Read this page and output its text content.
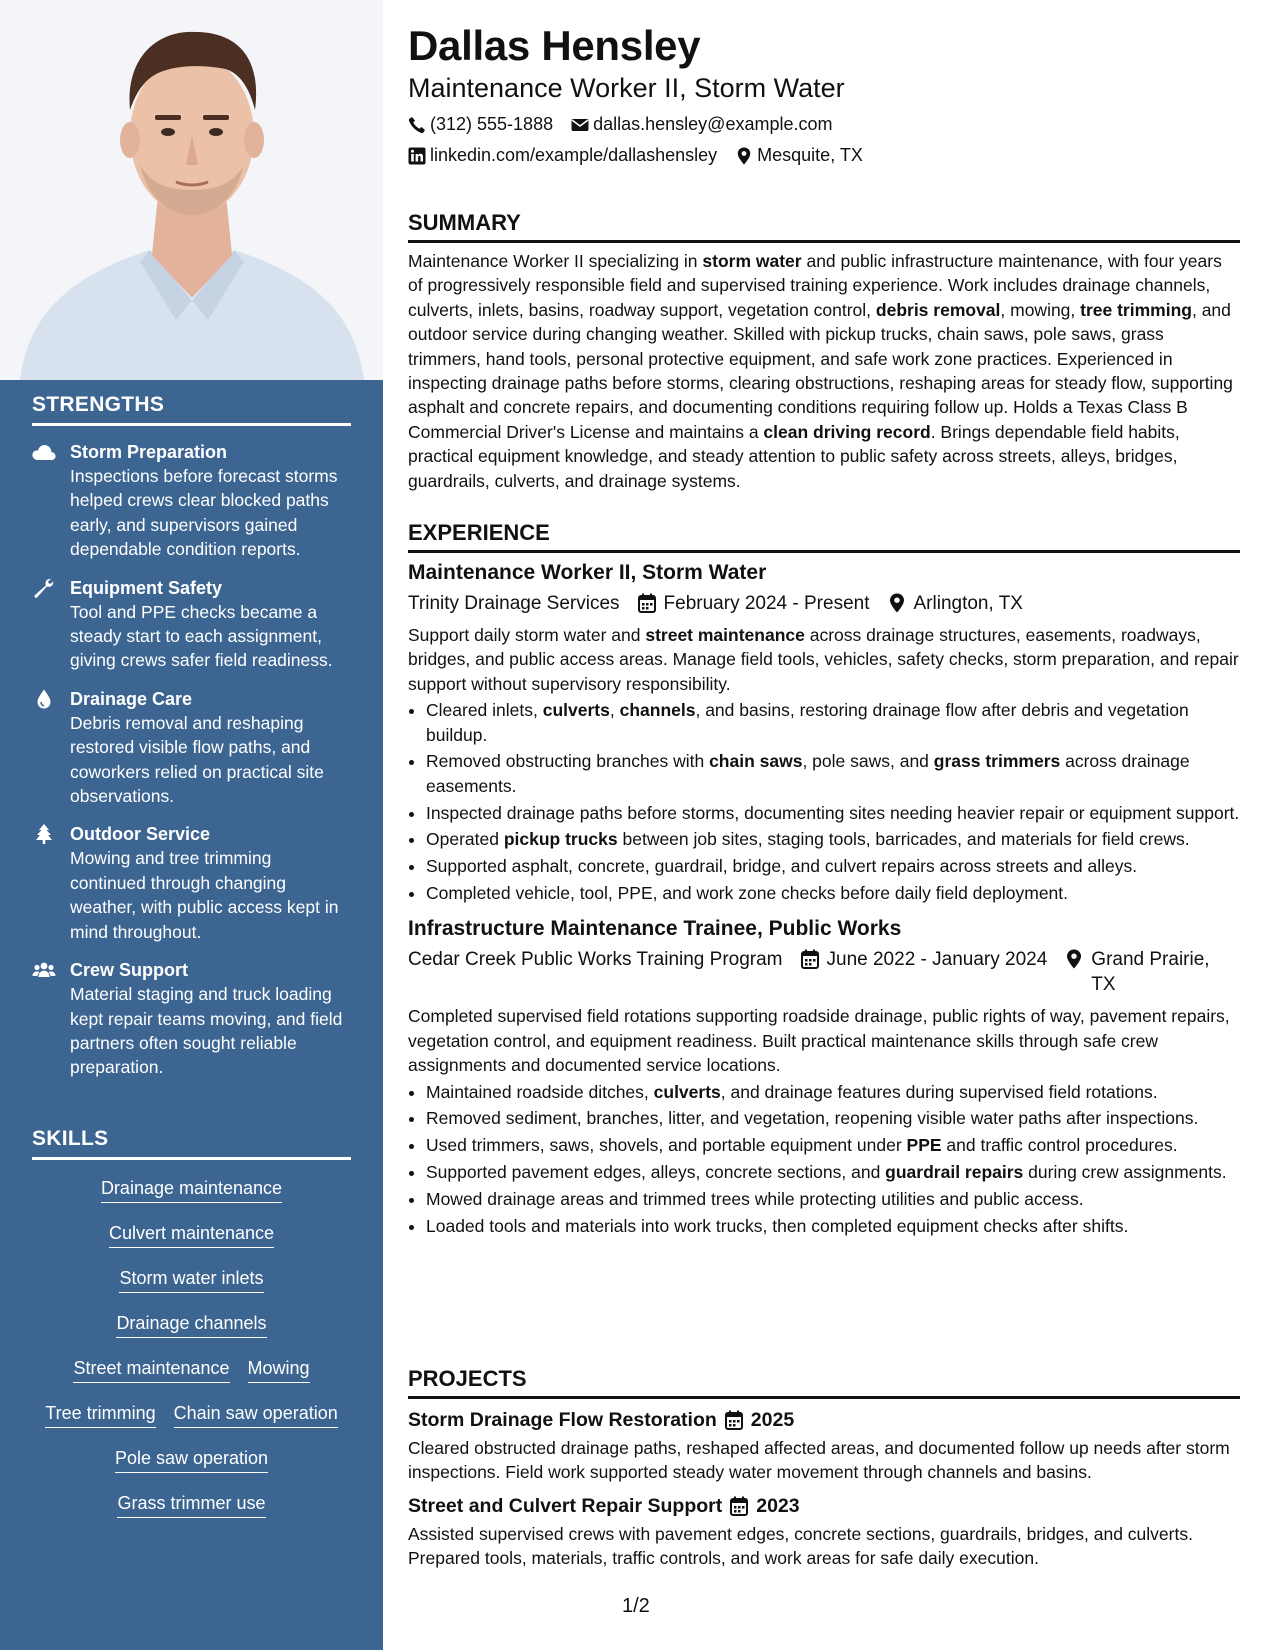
STRENGTHS
Storm Preparation
Inspections before forecast storms helped crews clear blocked paths early, and supervisors gained dependable condition reports.
Equipment Safety
Tool and PPE checks became a steady start to each assignment, giving crews safer field readiness.
Drainage Care
Debris removal and reshaping restored visible flow paths, and coworkers relied on practical site observations.
Outdoor Service
Mowing and tree trimming continued through changing weather, with public access kept in mind throughout.
Crew Support
Material staging and truck loading kept repair teams moving, and field partners often sought reliable preparation.
SKILLS
Drainage maintenance
Culvert maintenance
Storm water inlets
Drainage channels
Street maintenance Mowing
Tree trimming Chain saw operation
Pole saw operation
Grass trimmer use
Dallas Hensley
Maintenance Worker II, Storm Water
(312) 555-1888 dallas.hensley@example.com
linkedin.com/example/dallashensley Mesquite, TX
SUMMARY

Maintenance Worker II specializing in storm water and public infrastructure maintenance, with four years of progressively responsible field and supervised training experience. Work includes drainage channels, culverts, inlets, basins, roadway support, vegetation control, debris removal, mowing, tree trimming, and outdoor service during changing weather. Skilled with pickup trucks, chain saws, pole saws, grass trimmers, hand tools, personal protective equipment, and safe work zone practices. Experienced in inspecting drainage paths before storms, clearing obstructions, reshaping areas for steady flow, supporting asphalt and concrete repairs, and documenting conditions requiring follow up. Holds a Texas Class B Commercial Driver's License and maintains a clean driving record. Brings dependable field habits, practical equipment knowledge, and steady attention to public safety across streets, alleys, bridges, guardrails, culverts, and drainage systems.

EXPERIENCE
Maintenance Worker II, Storm Water
Trinity Drainage Services February 2024 - Present Arlington, TX

Support daily storm water and street maintenance across drainage structures, easements, roadways, bridges, and public access areas. Manage field tools, vehicles, safety checks, storm preparation, and repair support without supervisory responsibility.

• Cleared inlets, culverts, channels, and basins, restoring drainage flow after debris and vegetation buildup.
• Removed obstructing branches with chain saws, pole saws, and grass trimmers across drainage easements.
• Inspected drainage paths before storms, documenting sites needing heavier repair or equipment support.
• Operated pickup trucks between job sites, staging tools, barricades, and materials for field crews.
• Supported asphalt, concrete, guardrail, bridge, and culvert repairs across streets and alleys.
• Completed vehicle, tool, PPE, and work zone checks before daily field deployment.
Infrastructure Maintenance Trainee, Public Works
Cedar Creek Public Works Training Program June 2022 - January 2024 Grand Prairie, TX

Completed supervised field rotations supporting roadside drainage, public rights of way, pavement repairs, vegetation control, and equipment readiness. Built practical maintenance skills through safe crew assignments and documented service locations.

• Maintained roadside ditches, culverts, and drainage features during supervised field rotations.
• Removed sediment, branches, litter, and vegetation, reopening visible water paths after inspections.
• Used trimmers, saws, shovels, and portable equipment under PPE and traffic control procedures.
• Supported pavement edges, alleys, concrete sections, and guardrail repairs during crew assignments.
• Mowed drainage areas and trimmed trees while protecting utilities and public access.
• Loaded tools and materials into work trucks, then completed equipment checks after shifts.
PROJECTS
Storm Drainage Flow Restoration 2025

Cleared obstructed drainage paths, reshaped affected areas, and documented follow up needs after storm inspections. Field work supported steady water movement through channels and basins.

Street and Culvert Repair Support 2023

Assisted supervised crews with pavement edges, concrete sections, guardrails, bridges, and culverts. Prepared tools, materials, traffic controls, and work areas for safe daily execution.

1/2
